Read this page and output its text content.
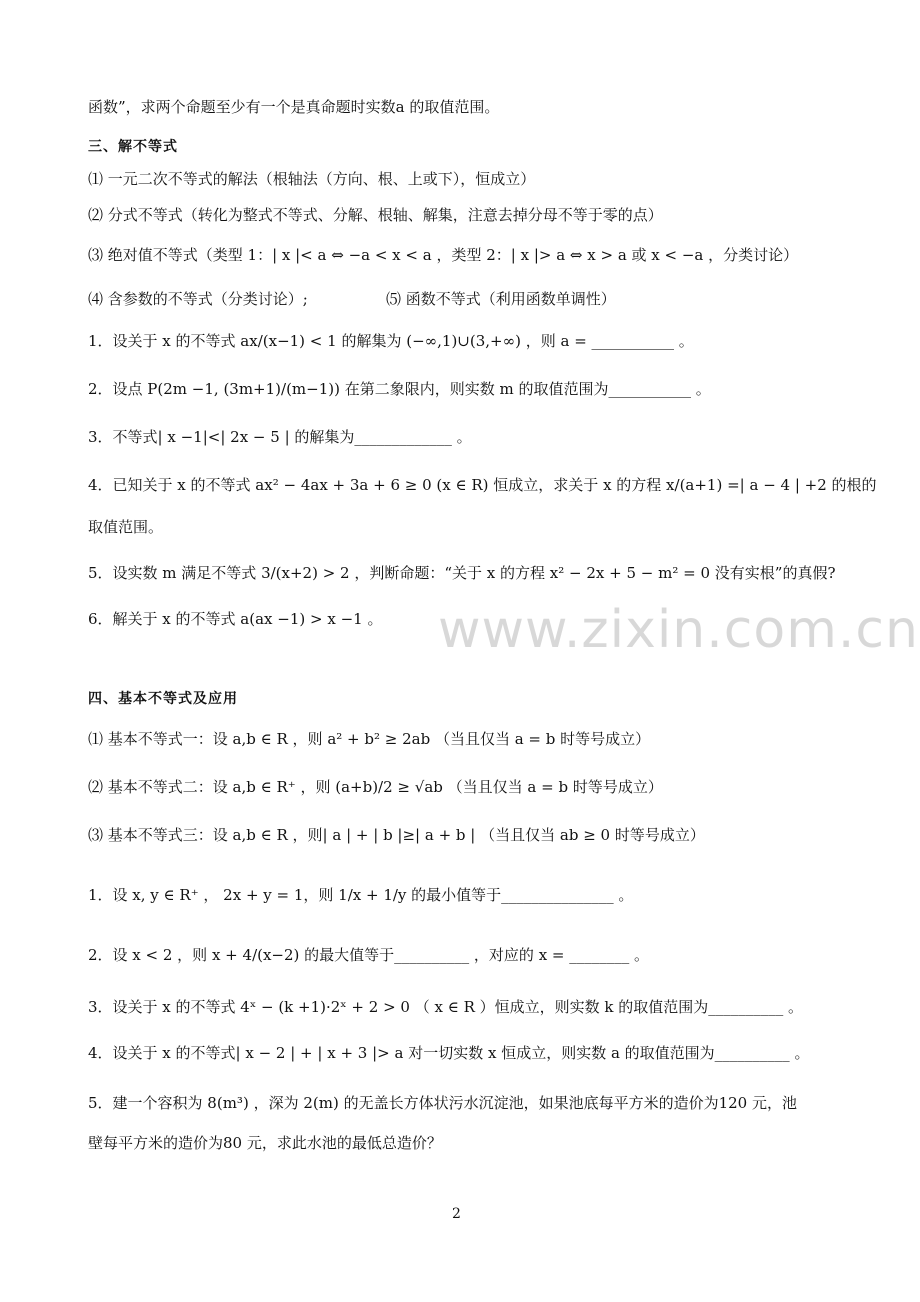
函数”，求两个命题至少有一个是真命题时实数a 的取值范围。
三、解不等式
⑴ 一元二次不等式的解法（根轴法（方向、根、上或下），恒成立）
⑵ 分式不等式（转化为整式不等式、分解、根轴、解集，注意去掉分母不等于零的点）
⑶ 绝对值不等式（类型 1：| x |< a ⇔ −a < x < a ，类型 2：| x |> a ⇔ x > a 或 x < −a ，分类讨论）
⑷ 含参数的不等式（分类讨论）;	⑸ 函数不等式（利用函数单调性）
1．设关于 x 的不等式 ax/(x−1) < 1 的解集为 (−∞,1)∪(3,+∞) ，则 a = ___________ 。
2．设点 P(2m −1, (3m+1)/(m−1)) 在第二象限内，则实数 m 的取值范围为___________ 。
3．不等式| x −1|<| 2x − 5 | 的解集为_____________ 。
4．已知关于 x 的不等式 ax² − 4ax + 3a + 6 ≥ 0 (x ∈ R) 恒成立，求关于 x 的方程 x/(a+1) =| a − 4 | +2 的根的
取值范围。
5．设实数 m 满足不等式 3/(x+2) > 2 ，判断命题：“关于 x 的方程 x² − 2x + 5 − m² = 0 没有实根”的真假?
6．解关于 x 的不等式 a(ax −1) > x −1 。 www.zixin.com.cn
四、基本不等式及应用
⑴ 基本不等式一：设 a,b ∈ R ，则 a² + b² ≥ 2ab （当且仅当 a = b 时等号成立）
⑵ 基本不等式二：设 a,b ∈ R⁺ ，则 (a+b)/2 ≥ √ab （当且仅当 a = b 时等号成立）
⑶ 基本不等式三：设 a,b ∈ R ，则| a | + | b |≥| a + b | （当且仅当 ab ≥ 0 时等号成立）
1．设 x, y ∈ R⁺ ， 2x + y = 1，则 1/x + 1/y 的最小值等于_______________ 。
2．设 x < 2 ，则 x + 4/(x−2) 的最大值等于__________ ，对应的 x = ________ 。
3．设关于 x 的不等式 4ˣ − (k +1)·2ˣ + 2 > 0 （ x ∈ R ）恒成立，则实数 k 的取值范围为__________ 。
4．设关于 x 的不等式| x − 2 | + | x + 3 |> a 对一切实数 x 恒成立，则实数 a 的取值范围为__________ 。
5．建一个容积为 8(m³) ，深为 2(m) 的无盖长方体状污水沉淀池，如果池底每平方米的造价为120 元，池
壁每平方米的造价为80 元，求此水池的最低总造价？
2
